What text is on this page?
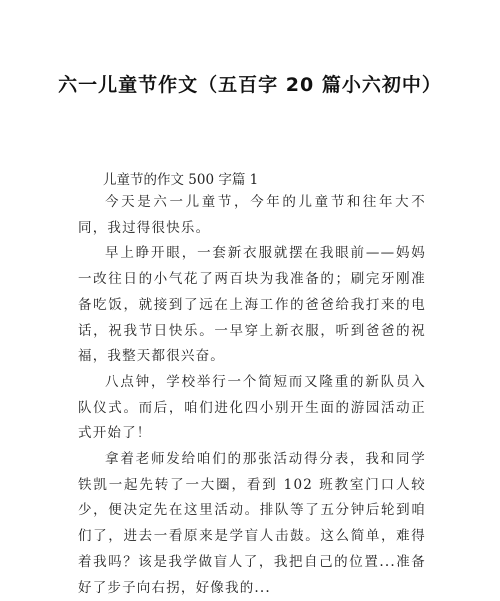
六一儿童节作文（五百字 20 篇小六初中）
儿童节的作文 500 字篇 1

今天是六一儿童节，今年的儿童节和往年大不同，我过得很快乐。

早上睁开眼，一套新衣服就摆在我眼前——妈妈一改往日的小气花了两百块为我准备的；刷完牙刚准备吃饭，就接到了远在上海工作的爸爸给我打来的电话，祝我节日快乐。一早穿上新衣服，听到爸爸的祝福，我整天都很兴奋。

八点钟，学校举行一个简短而又隆重的新队员入队仪式。而后，咱们进化四小别开生面的游园活动正式开始了！

拿着老师发给咱们的那张活动得分表，我和同学铁凯一起先转了一大圈，看到 102 班教室门口人较少，便决定先在这里活动。排队等了五分钟后轮到咱们了，进去一看原来是学盲人击鼓。这么简单，难得着我吗？该是我学做盲人了，我把自己的位置...准备好了步子向右拐，好像我的...
